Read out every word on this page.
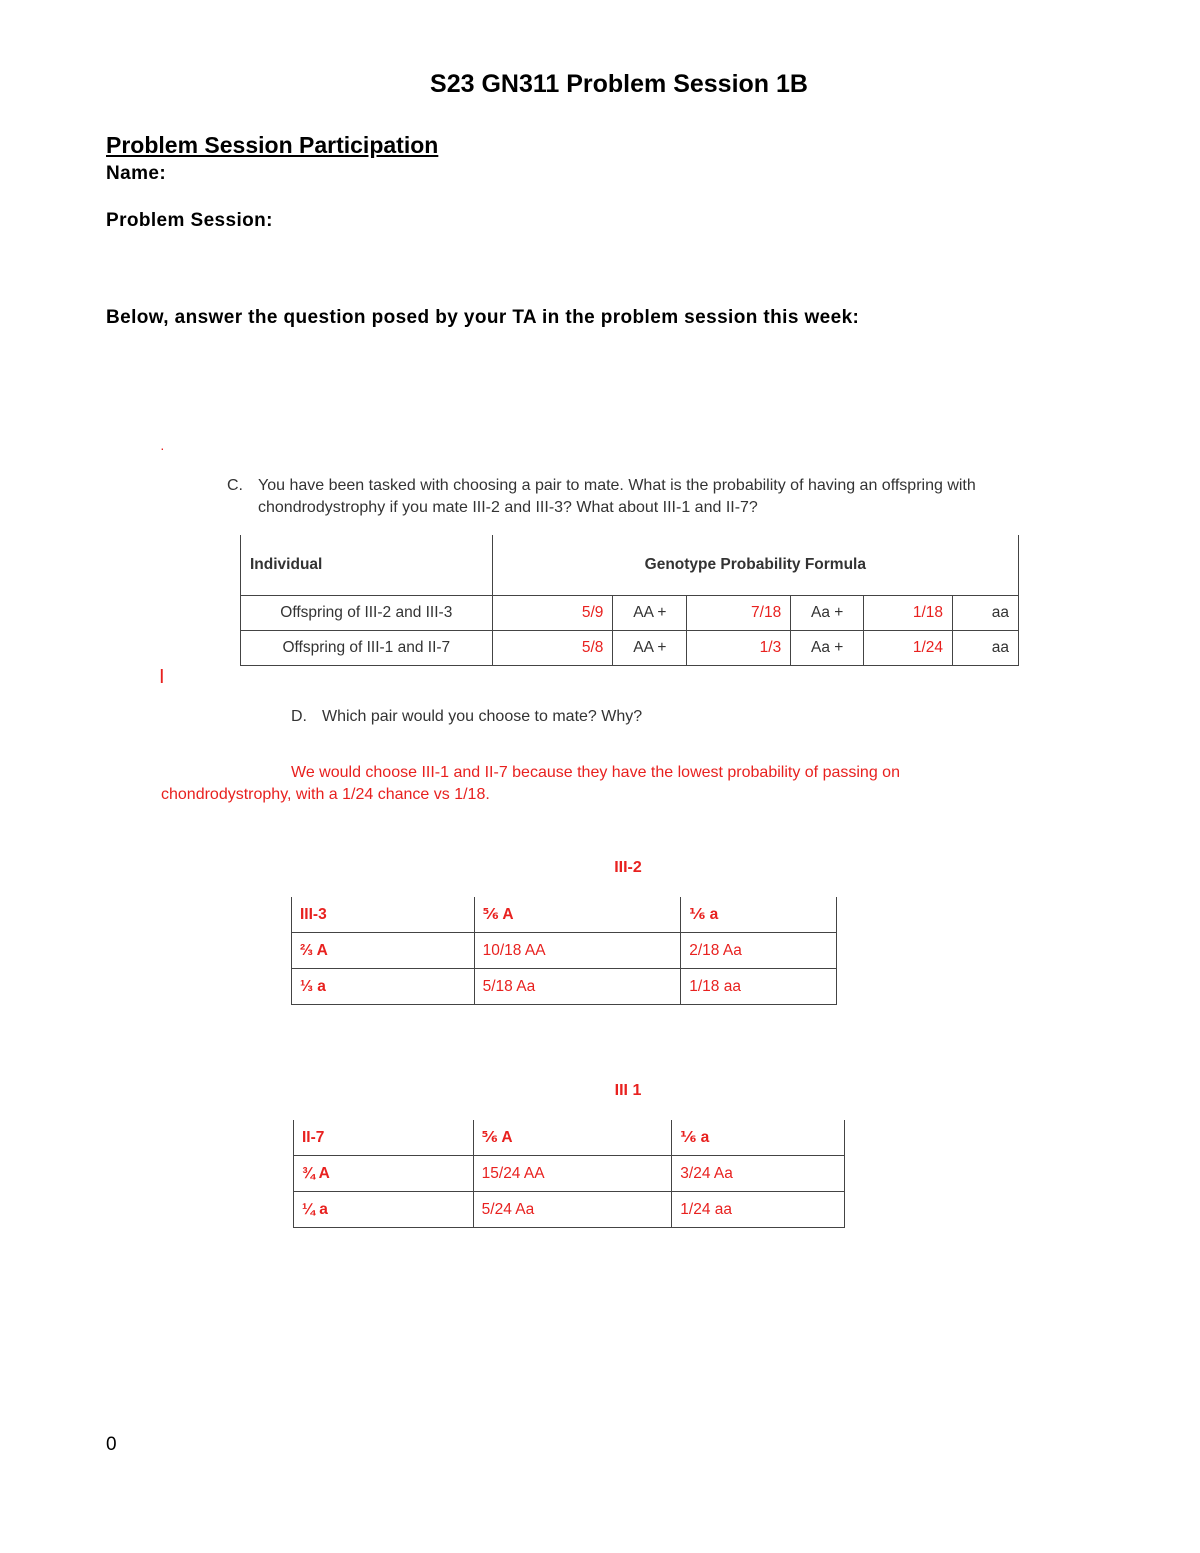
S23 GN311 Problem Session 1B
Problem Session Participation
Name:
Problem Session:
Below, answer the question posed by your TA in the problem session this week:
·
C. You have been tasked with choosing a pair to mate. What is the probability of having an offspring with
chondrodystrophy if you mate III-2 and III-3? What about III-1 and II-7?
Individual	Genotype Probability Formula					
Offspring of III-2 and III-3	5/9	AA +	7/18	Aa +	1/18	aa
Offspring of III-1 and II-7	5/8	AA +	1/3	Aa +	1/24	aa
I
D. Which pair would you choose to mate? Why?
We would choose III-1 and II-7 because they have the lowest probability of passing on
chondrodystrophy, with a 1/24 chance vs 1/18.
III-2
III-3	⅚ A	⅙ a
⅔ A	10/18 AA	2/18 Aa
⅓ a	5/18 Aa	1/18 aa
III 1
II-7	⅚ A	⅙ a
¾ A	15/24 AA	3/24 Aa
¼ a	5/24 Aa	1/24 aa
0
